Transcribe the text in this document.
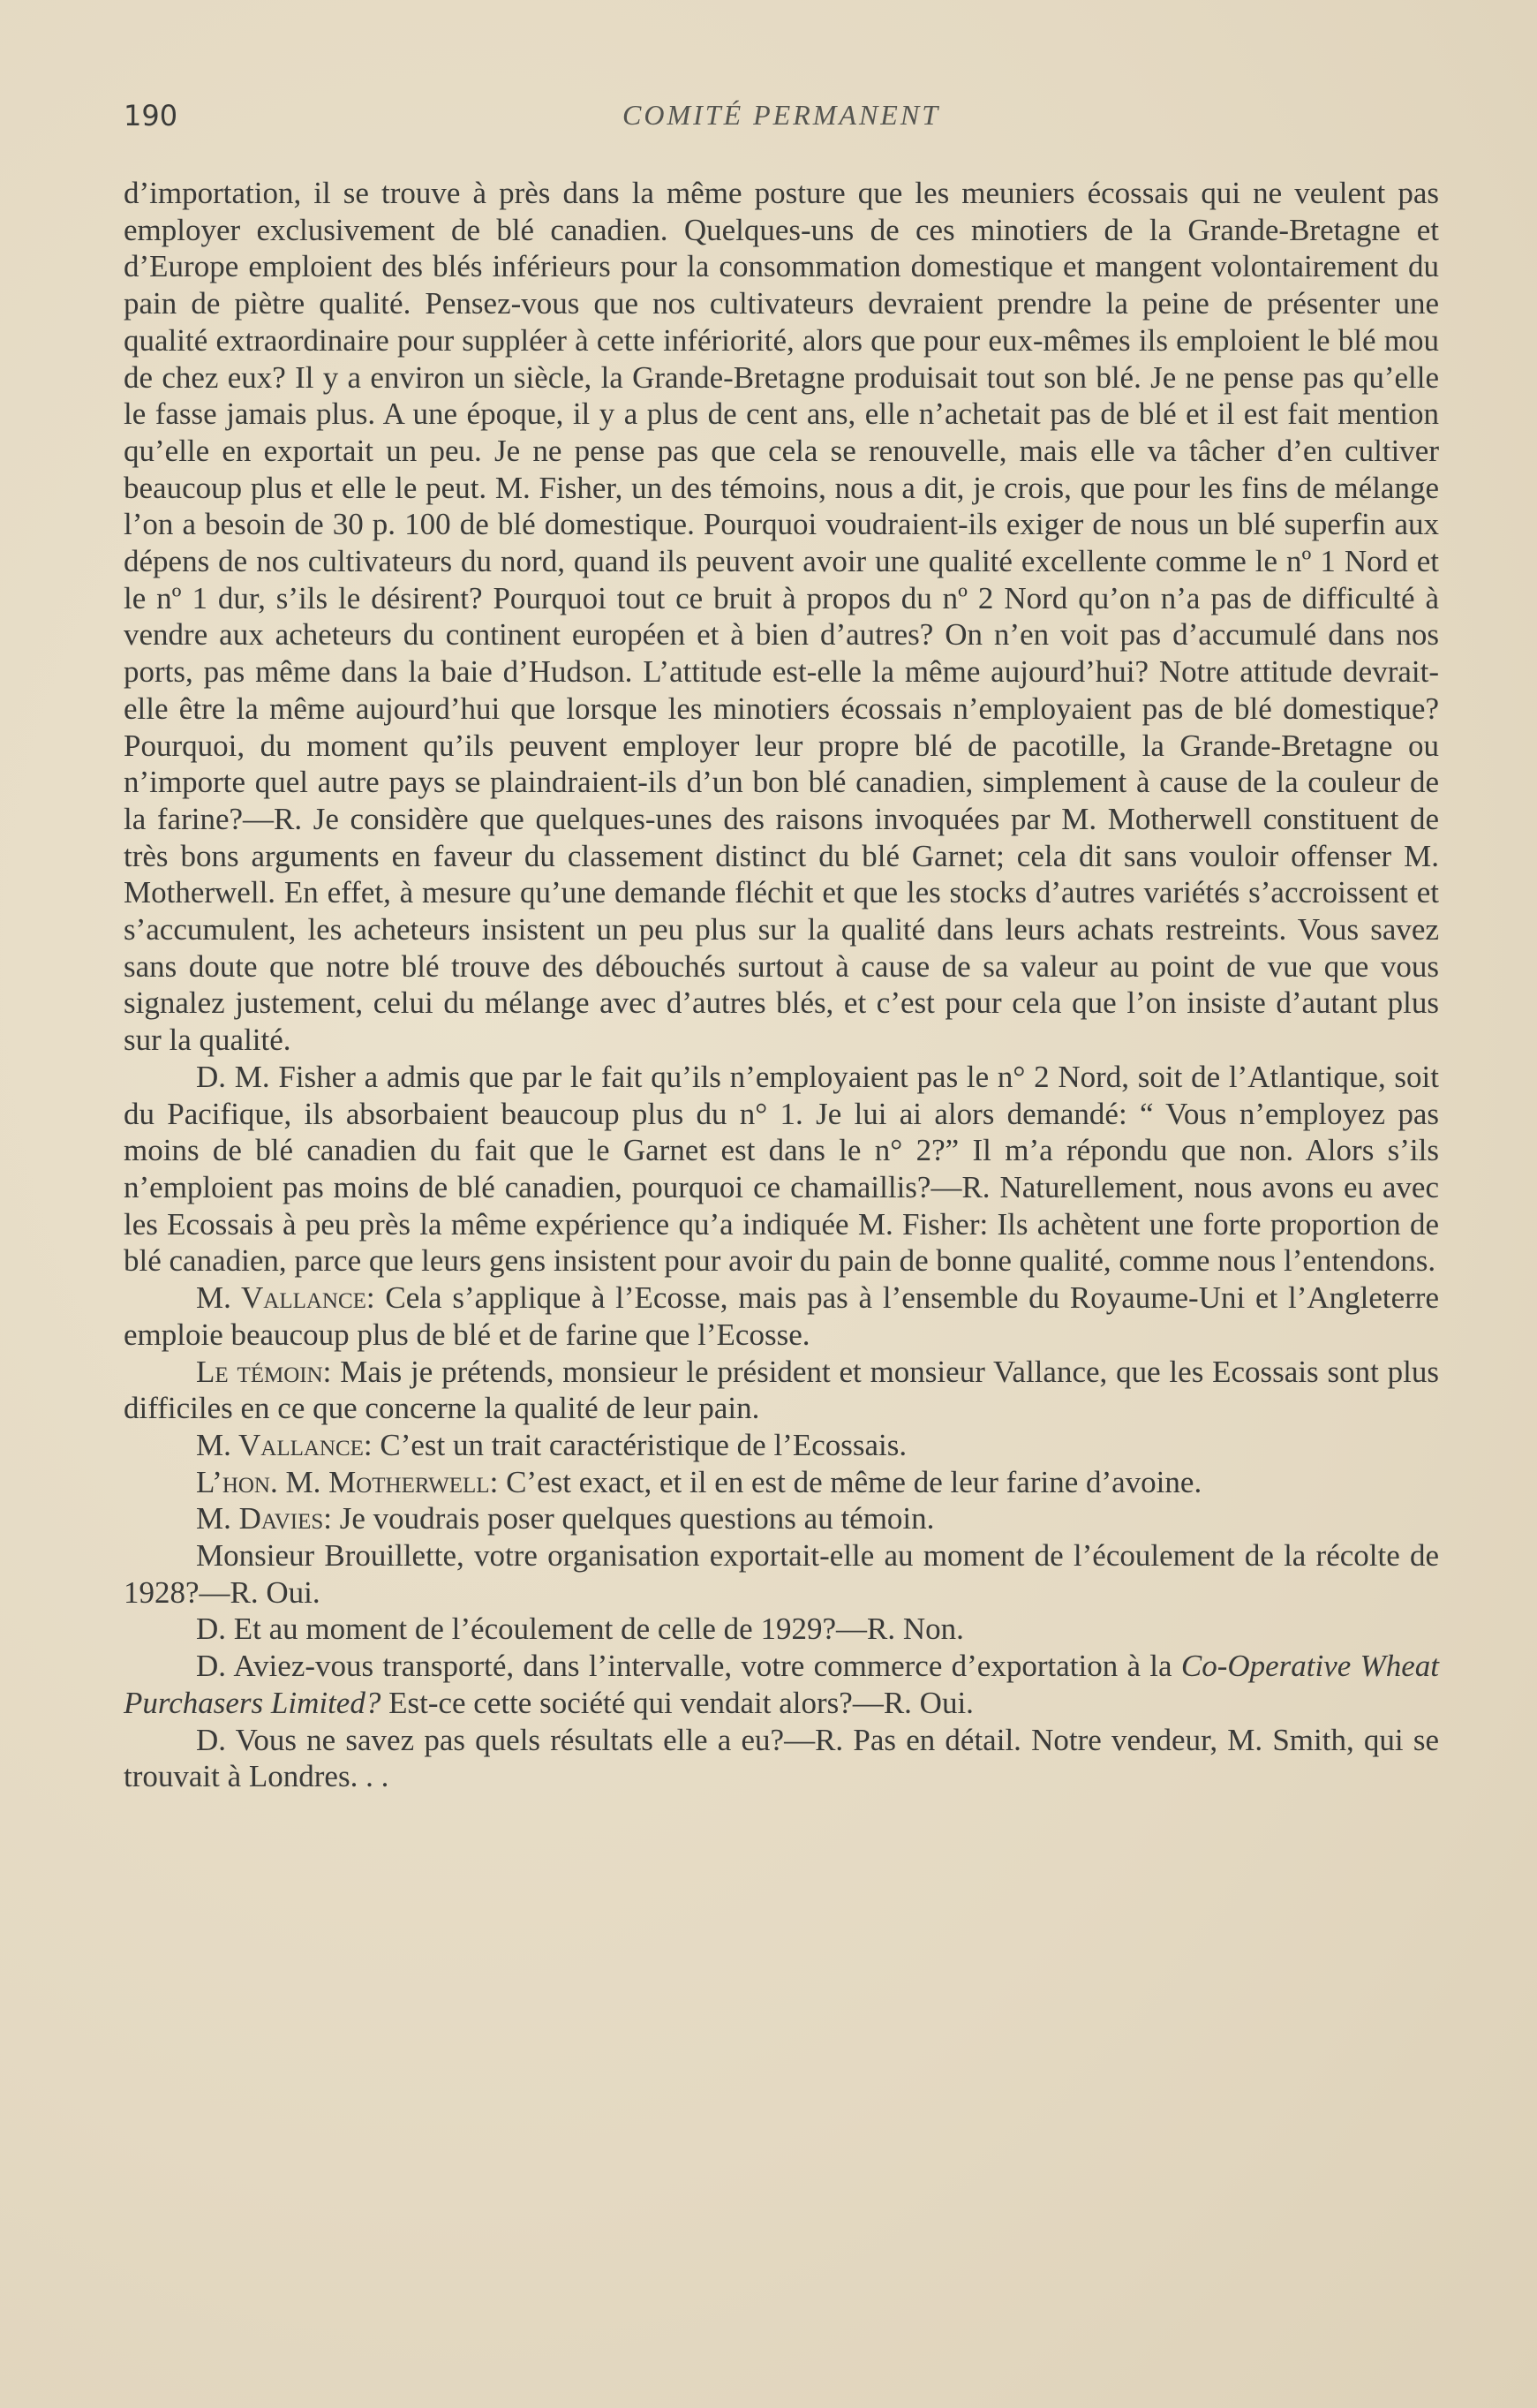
190	COMITÉ PERMANENT

d’importation, il se trouve à près dans la même posture que les meuniers écossais qui ne veulent pas employer exclusivement de blé canadien. Quelques-uns de ces minotiers de la Grande-Bretagne et d’Europe emploient des blés inférieurs pour la consommation domestique et mangent volontairement du pain de piètre qualité. Pensez-vous que nos cultivateurs devraient prendre la peine de présenter une qualité extraordinaire pour suppléer à cette infériorité, alors que pour eux-mêmes ils emploient le blé mou de chez eux? Il y a environ un siècle, la Grande-Bretagne produisait tout son blé. Je ne pense pas qu’elle le fasse jamais plus. A une époque, il y a plus de cent ans, elle n’achetait pas de blé et il est fait mention qu’elle en exportait un peu. Je ne pense pas que cela se renouvelle, mais elle va tâcher d’en cultiver beaucoup plus et elle le peut. M. Fisher, un des témoins, nous a dit, je crois, que pour les fins de mélange l’on a besoin de 30 p. 100 de blé domestique. Pourquoi voudraient-ils exiger de nous un blé superfin aux dépens de nos cultivateurs du nord, quand ils peuvent avoir une qualité excellente comme le nº 1 Nord et le nº 1 dur, s’ils le désirent? Pourquoi tout ce bruit à propos du nº 2 Nord qu’on n’a pas de difficulté à vendre aux acheteurs du continent européen et à bien d’autres? On n’en voit pas d’accumulé dans nos ports, pas même dans la baie d’Hudson. L’attitude est-elle la même aujourd’hui? Notre attitude devrait-elle être la même aujourd’hui que lorsque les minotiers écossais n’employaient pas de blé domestique? Pourquoi, du moment qu’ils peuvent employer leur propre blé de pacotille, la Grande-Bretagne ou n’importe quel autre pays se plaindraient-ils d’un bon blé canadien, simplement à cause de la couleur de la farine?—R. Je considère que quelques-unes des raisons invoquées par M. Motherwell constituent de très bons arguments en faveur du classement distinct du blé Garnet; cela dit sans vouloir offenser M. Motherwell. En effet, à mesure qu’une demande fléchit et que les stocks d’autres variétés s’accroissent et s’accumulent, les acheteurs insistent un peu plus sur la qualité dans leurs achats restreints. Vous savez sans doute que notre blé trouve des débouchés surtout à cause de sa valeur au point de vue que vous signalez justement, celui du mélange avec d’autres blés, et c’est pour cela que l’on insiste d’autant plus sur la qualité.

D. M. Fisher a admis que par le fait qu’ils n’employaient pas le n° 2 Nord, soit de l’Atlantique, soit du Pacifique, ils absorbaient beaucoup plus du n° 1. Je lui ai alors demandé: “ Vous n’employez pas moins de blé canadien du fait que le Garnet est dans le n° 2?” Il m’a répondu que non. Alors s’ils n’emploient pas moins de blé canadien, pourquoi ce chamaillis?—R. Naturellement, nous avons eu avec les Ecossais à peu près la même expérience qu’a indiquée M. Fisher: Ils achètent une forte proportion de blé canadien, parce que leurs gens insistent pour avoir du pain de bonne qualité, comme nous l’entendons.

M. Vallance: Cela s’applique à l’Ecosse, mais pas à l’ensemble du Royaume-Uni et l’Angleterre emploie beaucoup plus de blé et de farine que l’Ecosse.

Le témoin: Mais je prétends, monsieur le président et monsieur Vallance, que les Ecossais sont plus difficiles en ce que concerne la qualité de leur pain.

M. Vallance: C’est un trait caractéristique de l’Ecossais.

L’hon. M. Motherwell: C’est exact, et il en est de même de leur farine d’avoine.

M. Davies: Je voudrais poser quelques questions au témoin.

Monsieur Brouillette, votre organisation exportait-elle au moment de l’écoulement de la récolte de 1928?—R. Oui.

D. Et au moment de l’écoulement de celle de 1929?—R. Non.

D. Aviez-vous transporté, dans l’intervalle, votre commerce d’exportation à la Co-Operative Wheat Purchasers Limited? Est-ce cette société qui vendait alors?—R. Oui.

D. Vous ne savez pas quels résultats elle a eu?—R. Pas en détail. Notre vendeur, M. Smith, qui se trouvait à Londres. . .
